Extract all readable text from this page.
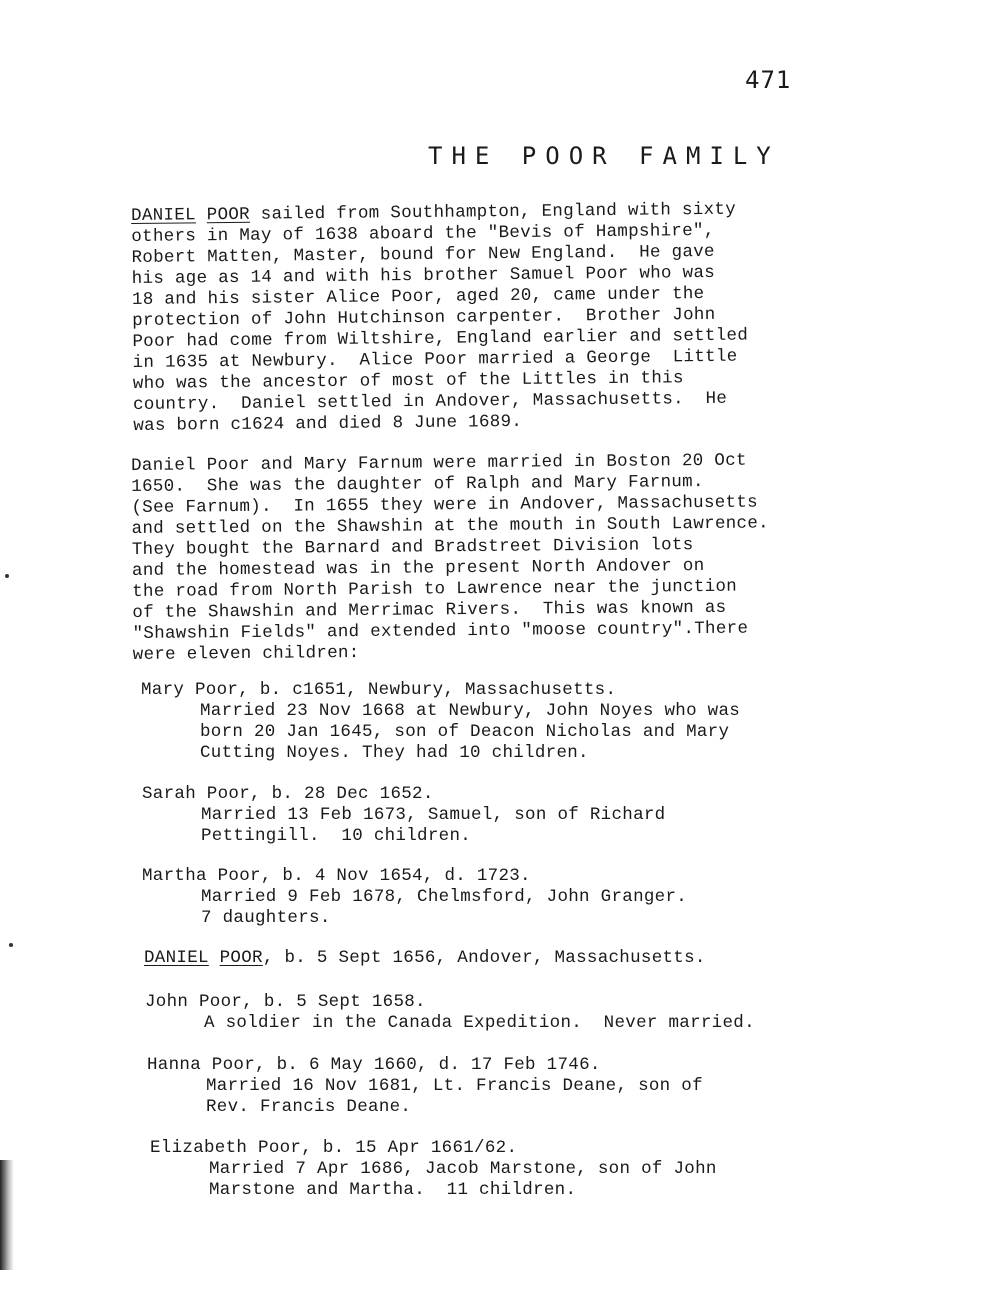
471
THE POOR FAMILY
DANIEL POOR sailed from Southhampton, England with sixty
others in May of 1638 aboard the "Bevis of Hampshire",
Robert Matten, Master, bound for New England.  He gave
his age as 14 and with his brother Samuel Poor who was
18 and his sister Alice Poor, aged 20, came under the
protection of John Hutchinson carpenter.  Brother John
Poor had come from Wiltshire, England earlier and settled
in 1635 at Newbury.  Alice Poor married a George  Little
who was the ancestor of most of the Littles in this
country.  Daniel settled in Andover, Massachusetts.  He
was born c1624 and died 8 June 1689.
Daniel Poor and Mary Farnum were married in Boston 20 Oct
1650.  She was the daughter of Ralph and Mary Farnum.
(See Farnum).  In 1655 they were in Andover, Massachusetts
and settled on the Shawshin at the mouth in South Lawrence.
They bought the Barnard and Bradstreet Division lots
and the homestead was in the present North Andover on
the road from North Parish to Lawrence near the junction
of the Shawshin and Merrimac Rivers.  This was known as
"Shawshin Fields" and extended into "moose country".There
were eleven children:
Mary Poor, b. c1651, Newbury, Massachusetts.
Married 23 Nov 1668 at Newbury, John Noyes who was
born 20 Jan 1645, son of Deacon Nicholas and Mary
Cutting Noyes. They had 10 children.
Sarah Poor, b. 28 Dec 1652.
Married 13 Feb 1673, Samuel, son of Richard
Pettingill.  10 children.
Martha Poor, b. 4 Nov 1654, d. 1723.
Married 9 Feb 1678, Chelmsford, John Granger.
7 daughters.
DANIEL POOR, b. 5 Sept 1656, Andover, Massachusetts.
John Poor, b. 5 Sept 1658.
A soldier in the Canada Expedition.  Never married.
Hanna Poor, b. 6 May 1660, d. 17 Feb 1746.
Married 16 Nov 1681, Lt. Francis Deane, son of
Rev. Francis Deane.
Elizabeth Poor, b. 15 Apr 1661/62.
Married 7 Apr 1686, Jacob Marstone, son of John
Marstone and Martha.  11 children.
